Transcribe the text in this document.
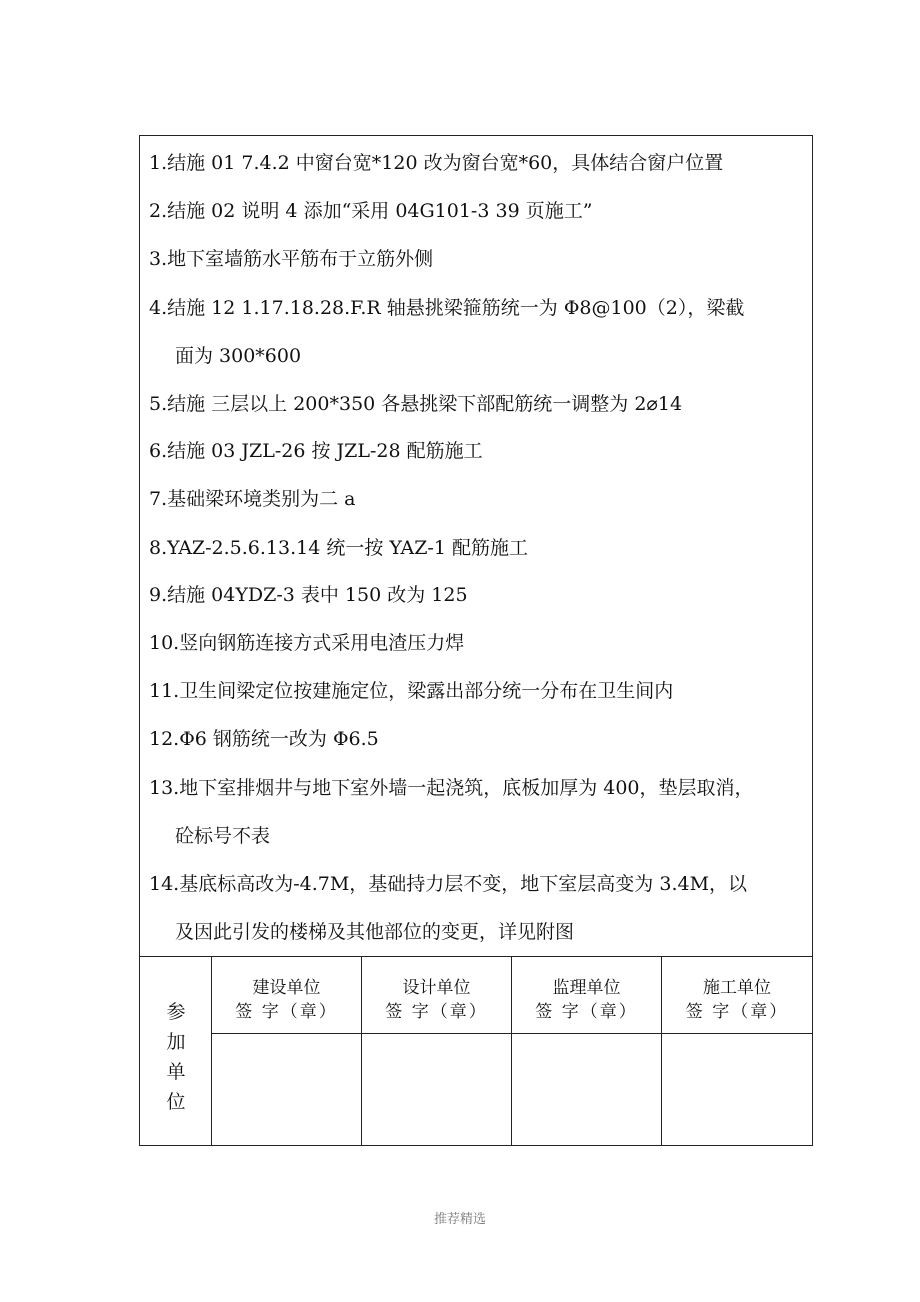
1.结施 01 7.4.2 中窗台宽*120 改为窗台宽*60，具体结合窗户位置
2.结施 02 说明 4 添加“采用 04G101-3 39 页施工”
3.地下室墙筋水平筋布于立筋外侧
4.结施 12 1.17.18.28.F.R 轴悬挑梁箍筋统一为 Φ8@100（2），梁截
面为 300*600
5.结施 三层以上 200*350 各悬挑梁下部配筋统一调整为 2⌀14
6.结施 03 JZL-26 按 JZL-28 配筋施工
7.基础梁环境类别为二 a
8.YAZ-2.5.6.13.14 统一按 YAZ-1 配筋施工
9.结施 04YDZ-3 表中 150 改为 125
10.竖向钢筋连接方式采用电渣压力焊
11.卫生间梁定位按建施定位，梁露出部分统一分布在卫生间内
12.Φ6 钢筋统一改为 Φ6.5
13.地下室排烟井与地下室外墙一起浇筑，底板加厚为 400，垫层取消，
砼标号不表
14.基底标高改为-4.7M，基础持力层不变，地下室层高变为 3.4M，以
及因此引发的楼梯及其他部位的变更，详见附图
参
加
单
位
建设单位
签 字（章）
设计单位
签 字（章）
监理单位
签 字（章）
施工单位
签 字（章）
推荐精选
